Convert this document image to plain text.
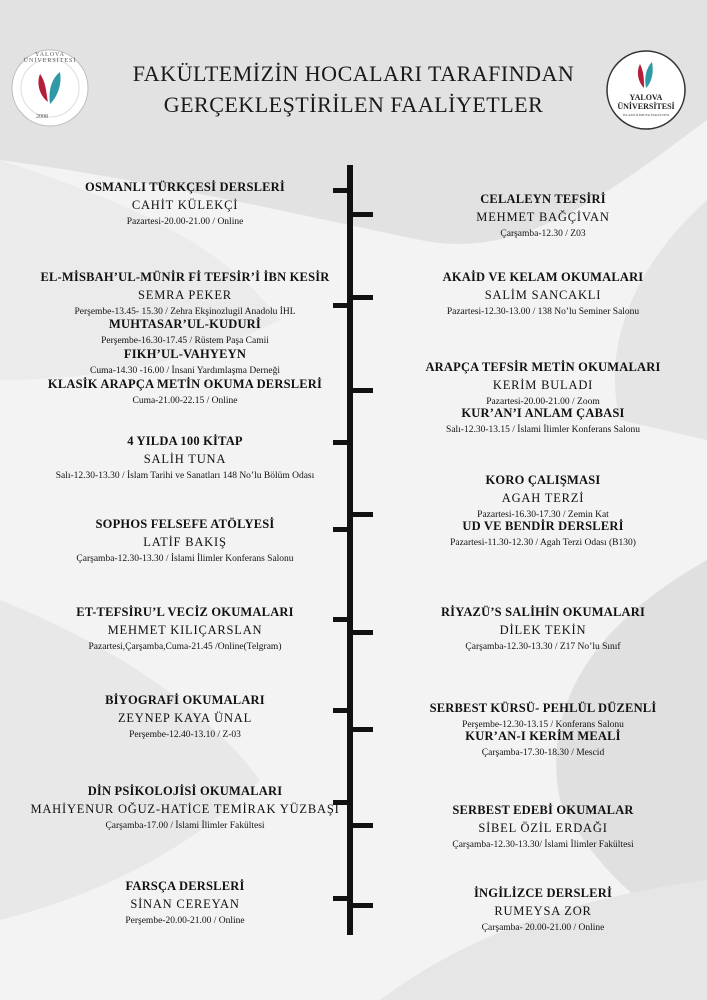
YALOVA ÜNİVERSİTESİ
2008
YALOVA ÜNİVERSİTESİ
İSLAMİ İLİMLER FAKÜLTESİ
FAKÜLTEMİZİN HOCALARI TARAFINDAN
GERÇEKLEŞTİRİLEN FAALİYETLER
OSMANLI TÜRKÇESİ DERSLERİ
CAHİT KÜLEKÇİ
Pazartesi-20.00-21.00 / Online
EL-MİSBAH’UL-MÜNİR Fİ TEFSİR’İ İBN KESİR
SEMRA PEKER
Perşembe-13.45- 15.30 / Zehra Ekşinozlugil Anadolu İHL
MUHTASAR’UL-KUDURİ
Perşembe-16.30-17.45 / Rüstem Paşa Camii
FIKH’UL-VAHYEYN
Cuma-14.30 -16.00 / İnsani Yardımlaşma Derneği
KLASİK ARAPÇA METİN OKUMA DERSLERİ
Cuma-21.00-22.15 / Online
4 YILDA 100 KİTAP
SALİH TUNA
Salı-12.30-13.30 / İslam Tarihi ve Sanatları 148 No’lu Bölüm Odası
SOPHOS FELSEFE ATÖLYESİ
LATİF BAKIŞ
Çarşamba-12.30-13.30 / İslami İlimler Konferans Salonu
ET-TEFSİRU’L VECİZ OKUMALARI
MEHMET KILIÇARSLAN
Pazartesi,Çarşamba,Cuma-21.45 /Online(Telgram)
BİYOGRAFİ OKUMALARI
ZEYNEP KAYA ÜNAL
Perşembe-12.40-13.10 / Z-03
DİN PSİKOLOJİSİ OKUMALARI
MAHİYENUR OĞUZ-HATİCE TEMİRAK YÜZBAŞI
Çarşamba-17.00 / İslami İlimler Fakültesi
FARSÇA DERSLERİ
SİNAN CEREYAN
Perşembe-20.00-21.00 / Online
CELALEYN TEFSİRİ
MEHMET BAĞÇİVAN
Çarşamba-12.30 / Z03
AKAİD VE KELAM OKUMALARI
SALİM SANCAKLI
Pazartesi-12.30-13.00 / 138 No’lu Seminer Salonu
ARAPÇA TEFSİR METİN OKUMALARI
KERİM BULADI
Pazartesi-20.00-21.00 / Zoom
KUR’AN’I ANLAM ÇABASI
Salı-12.30-13.15 / İslami İlimler Konferans Salonu
KORO ÇALIŞMASI
AGAH TERZİ
Pazartesi-16.30-17.30 / Zemin Kat
UD VE BENDİR DERSLERİ
Pazartesi-11.30-12.30 / Agah Terzi Odası (B130)
RİYAZÜ’S SALİHİN OKUMALARI
DİLEK TEKİN
Çarşamba-12.30-13.30 / Z17 No’lu Sınıf
SERBEST KÜRSÜ- PEHLÜL DÜZENLİ
Perşembe-12.30-13.15 / Konferans Salonu
KUR’AN-I KERİM MEALİ
Çarşamba-17.30-18.30 / Mescid
SERBEST EDEBİ OKUMALAR
SİBEL ÖZİL ERDAĞI
Çarşamba-12.30-13.30/ İslami İlimler Fakültesi
İNGİLİZCE DERSLERİ
RUMEYSA ZOR
Çarşamba- 20.00-21.00 / Online
